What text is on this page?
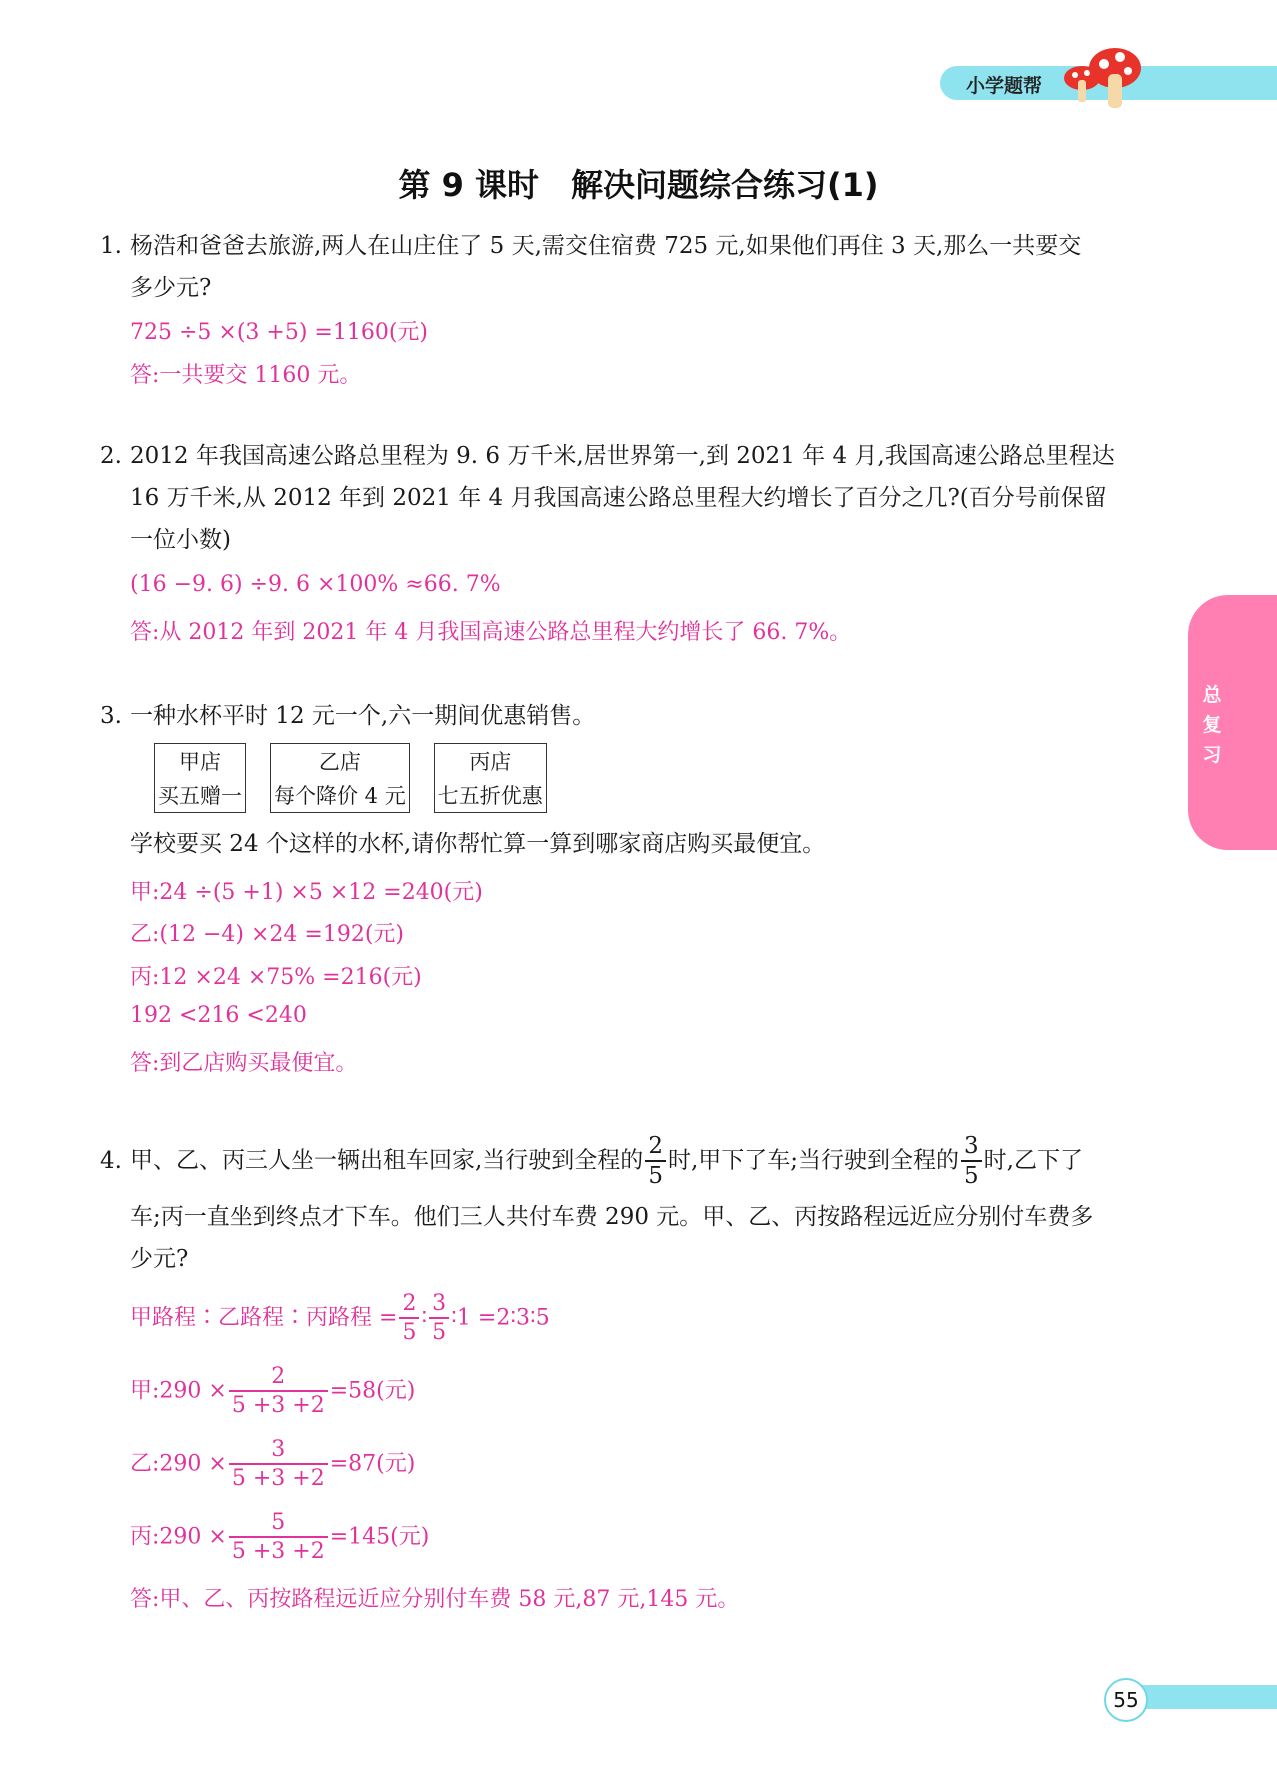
小学题帮
第 9 课时　解决问题综合练习(1)
1. 杨浩和爸爸去旅游,两人在山庄住了 5 天,需交住宿费 725 元,如果他们再住 3 天,那么一共要交
多少元?
725 ÷5 ×(3 +5) =1160(元)
答:一共要交 1160 元。
2. 2012 年我国高速公路总里程为 9. 6 万千米,居世界第一,到 2021 年 4 月,我国高速公路总里程达
16 万千米,从 2012 年到 2021 年 4 月我国高速公路总里程大约增长了百分之几?(百分号前保留
一位小数)
(16 −9. 6) ÷9. 6 ×100% ≈66. 7%
答:从 2012 年到 2021 年 4 月我国高速公路总里程大约增长了 66. 7%。
3. 一种水杯平时 12 元一个,六一期间优惠销售。
甲店
买五赠一
乙店
每个降价 4 元
丙店
七五折优惠
学校要买 24 个这样的水杯,请你帮忙算一算到哪家商店购买最便宜。
甲:24 ÷(5 +1) ×5 ×12 =240(元)
乙:(12 −4) ×24 =192(元)
丙:12 ×24 ×75% =216(元)
192 <216 <240
答:到乙店购买最便宜。
4. 甲、乙、丙三人坐一辆出租车回家,当行驶到全程的 $\frac{2}{5}$ 时,甲下了车;当行驶到全程的 $\frac{3}{5}$ 时,乙下了
车;丙一直坐到终点才下车。他们三人共付车费 290 元。甲、乙、丙按路程远近应分别付车费多
少元?
甲路程∶乙路程∶丙路程 = $\frac{2}{5}$ ∶ $\frac{3}{5}$ ∶1 =2∶3∶5
甲:290 × $\frac{2}{5 +3 +2} =58$(元)
乙:290 × $\frac{3}{5 +3 +2} =87$(元)
丙:290 × $\frac{5}{5 +3 +2} =145$(元)
答:甲、乙、丙按路程远近应分别付车费 58 元,87 元,145 元。
总复习
55
